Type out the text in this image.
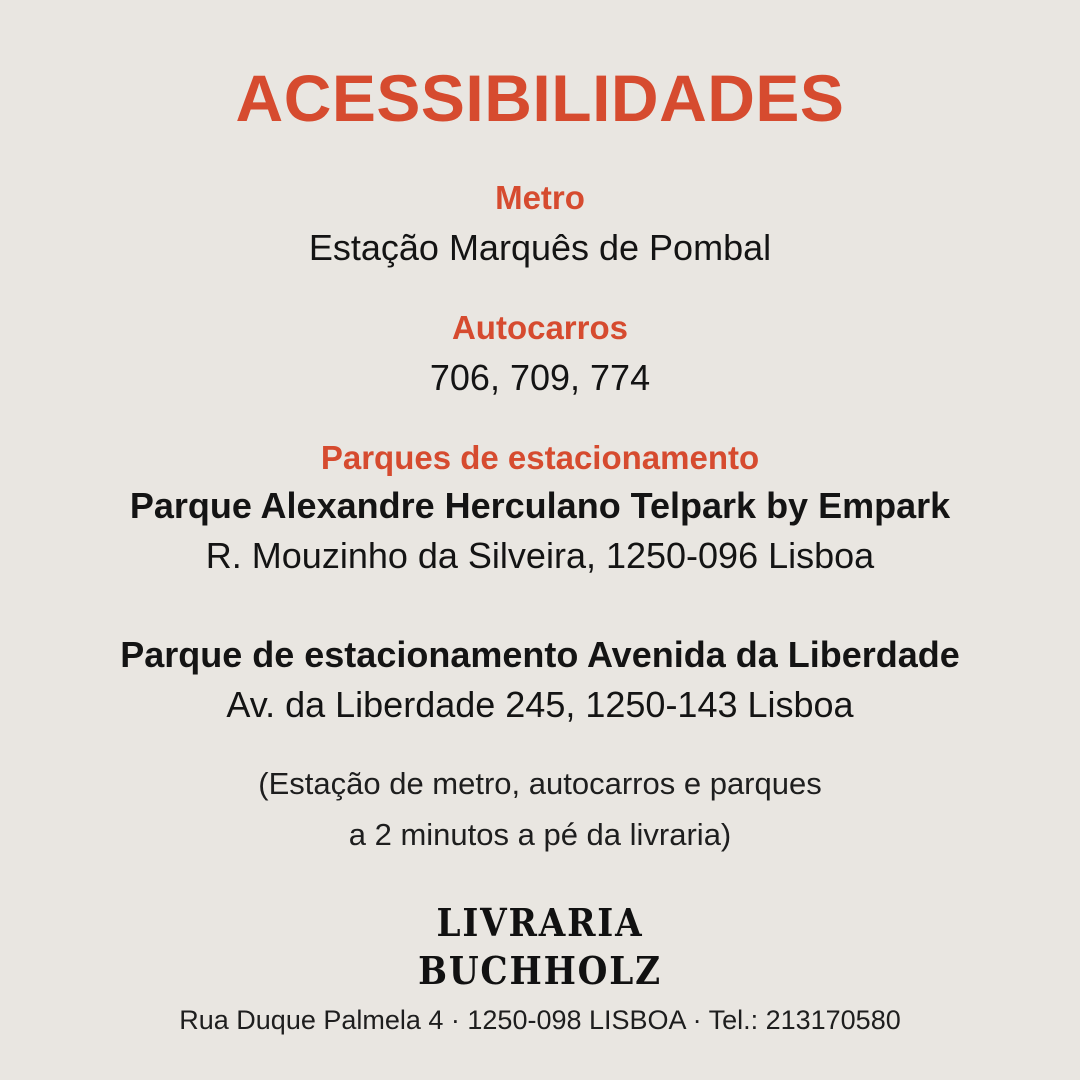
ACESSIBILIDADES
Metro
Estação Marquês de Pombal
Autocarros
706, 709, 774
Parques de estacionamento
Parque Alexandre Herculano Telpark by Empark
R. Mouzinho da Silveira, 1250-096 Lisboa
Parque de estacionamento Avenida da Liberdade
Av. da Liberdade 245, 1250-143 Lisboa
(Estação de metro, autocarros e parques
a 2 minutos a pé da livraria)
LIVRARIA
BUCHHOLZ
Rua Duque Palmela 4 · 1250-098 LISBOA · Tel.: 213170580
